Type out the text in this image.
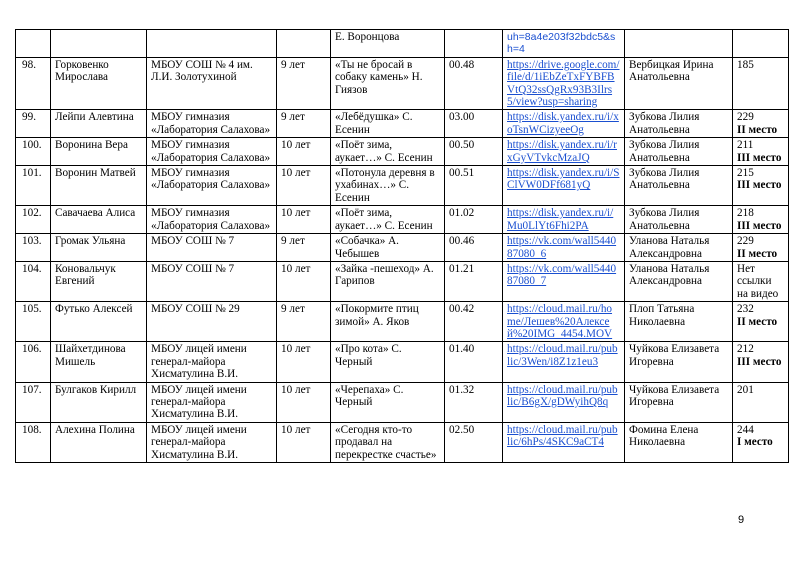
				Е. Воронцова		uh=8a4e203f32bdc5&sh=4		
98.	Горковенко Мирослава	МБОУ СОШ № 4 им. Л.И. Золотухиной	9 лет	«Ты не бросай в собаку камень» Н. Гиязов	00.48	https://drive.google.com/file/d/1iEbZeTxFYBFBVtQ32ssQgRx93B3Ilrs5/view?usp=sharing	Вербицкая Ирина Анатольевна	185
99.	Лейпи Алевтина	МБОУ гимназия «Лаборатория Салахова»	9 лет	«Лебёдушка» С. Есенин	03.00	https://disk.yandex.ru/i/xoTsnWCizyeeOg	Зубкова Лилия Анатольевна	229
II место

100.	Воронина Вера	МБОУ гимназия «Лаборатория Салахова»	10 лет	«Поёт зима, аукает…» С. Есенин	00.50	https://disk.yandex.ru/i/rxGyVTvkcMzaJQ	Зубкова Лилия Анатольевна	211
III место

101.	Воронин Матвей	МБОУ гимназия «Лаборатория Салахова»	10 лет	«Потонула деревня в ухабинах…» С. Есенин	00.51	https://disk.yandex.ru/i/SClVW0DFf681yQ	Зубкова Лилия Анатольевна	215
III место

102.	Савачаева Алиса	МБОУ гимназия «Лаборатория Салахова»	10 лет	«Поёт зима, аукает…» С. Есенин	01.02	https://disk.yandex.ru/i/Mu0LlYt6Fhi2PA	Зубкова Лилия Анатольевна	218
III место

103.	Громак Ульяна	МБОУ СОШ № 7	9 лет	«Собачка» А. Чебышев	00.46	https://vk.com/wall544087080_6	Уланова Наталья Александровна	229
II место

104.	Коновальчук Евгений	МБОУ СОШ № 7	10 лет	«Зайка -пешеход» А. Гарипов	01.21	https://vk.com/wall544087080_7	Уланова Наталья Александровна	Нет ссылки на видео
105.	Футько Алексей	МБОУ СОШ № 29	9 лет	«Покормите птиц зимой» А. Яков	00.42	https://cloud.mail.ru/home/Лешев%20Алексей%20IMG_4454.MOV	Плоп Татьяна Николаевна	232
II место

106.	Шайхетдинова Мишель	МБОУ лицей имени генерал-майора Хисматулина В.И.	10 лет	«Про кота» С. Черный	01.40	https://cloud.mail.ru/public/3Wen/i8Z1z1eu3	Чуйкова Елизавета Игоревна	212
III место

107.	Булгаков Кирилл	МБОУ лицей имени генерал-майора Хисматулина В.И.	10 лет	«Черепаха» С. Черный	01.32	https://cloud.mail.ru/public/B6gX/gDWyihQ8q	Чуйкова Елизавета Игоревна	201
108.	Алехина Полина	МБОУ лицей имени генерал-майора Хисматулина В.И.	10 лет	«Сегодня кто-то продавал на перекрестке счастье»	02.50	https://cloud.mail.ru/public/6hPs/4SKC9aCT4	Фомина Елена Николаевна	244
I место
9
